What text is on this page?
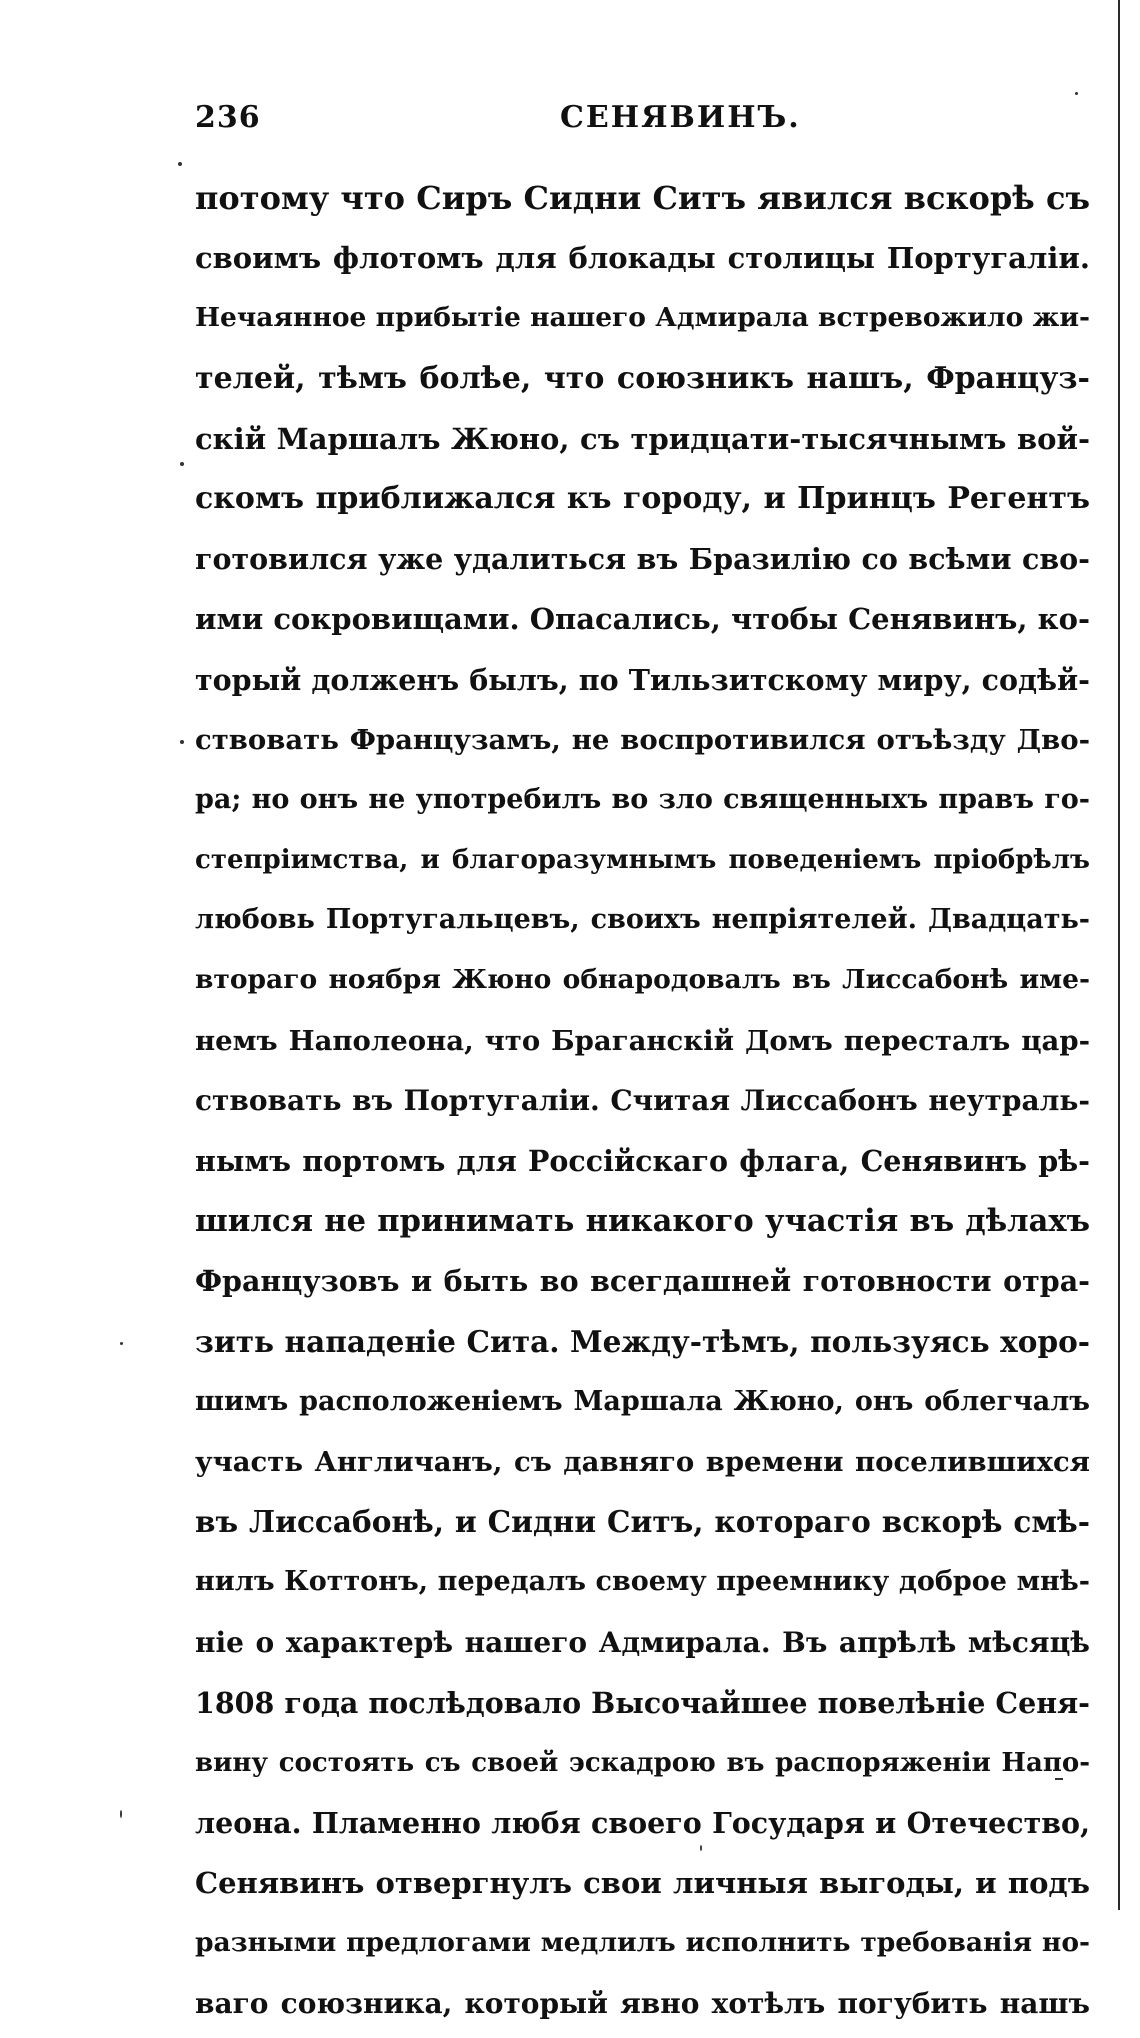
236	СЕНЯВИНЪ.
потому что Сиръ Сидни Ситъ явился вскорѣ съ
своимъ флотомъ для блокады столицы Португаліи.
Нечаянное прибытіе нашего Адмирала встревожило жи-
телей, тѣмъ болѣе, что союзникъ нашъ, Француз-
скій Маршалъ Жюно, съ тридцати-тысячнымъ вой-
скомъ приближался къ городу, и Принцъ Регентъ
готовился уже удалиться въ Бразилію со всѣми сво-
ими сокровищами. Опасались, чтобы Сенявинъ, ко-
торый долженъ былъ, по Тильзитскому миру, содѣй-
ствовать Французамъ, не воспротивился отъѣзду Дво-
ра; но онъ не употребилъ во зло священныхъ правъ го-
степріимства, и благоразумнымъ поведеніемъ пріобрѣлъ
любовь Португальцевъ, своихъ непріятелей. Двадцать-
втораго ноября Жюно обнародовалъ въ Лиссабонѣ име-
немъ Наполеона, что Браганскій Домъ пересталъ цар-
ствовать въ Португаліи. Считая Лиссабонъ неутраль-
нымъ портомъ для Россійскаго флага, Сенявинъ рѣ-
шился не принимать никакого участія въ дѣлахъ
Французовъ и быть во всегдашней готовности отра-
зить нападеніе Сита. Между-тѣмъ, пользуясь хоро-
шимъ расположеніемъ Маршала Жюно, онъ облегчалъ
участь Англичанъ, съ давняго времени поселившихся
въ Лиссабонѣ, и Сидни Ситъ, котораго вскорѣ смѣ-
нилъ Коттонъ, передалъ своему преемнику доброе мнѣ-
ніе о характерѣ нашего Адмирала. Въ апрѣлѣ мѣсяцѣ
1808 года послѣдовало Высочайшее повелѣніе Сеня-
вину состоять съ своей эскадрою въ распоряженіи Напо-
леона. Пламенно любя своего Государя и Отечество,
Сенявинъ отвергнулъ свои личныя выгоды, и подъ
разными предлогами медлилъ исполнить требованія но-
ваго союзника, который явно хотѣлъ погубить нашъ
